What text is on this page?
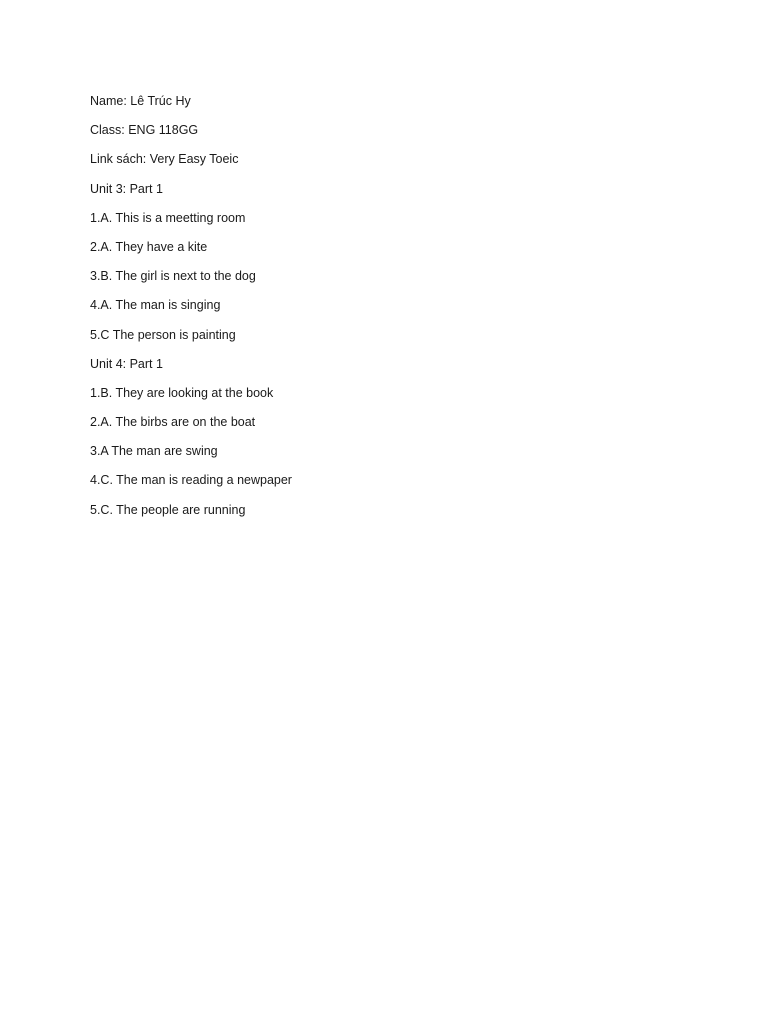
Name: Lê Trúc Hy
Class: ENG 118GG
Link sách: Very Easy Toeic
Unit 3: Part 1
1.A. This is a meetting room
2.A. They have a kite
3.B. The girl is next to the dog
4.A. The man is singing
5.C The person is painting
Unit 4: Part 1
1.B. They are looking at the book
2.A. The birbs are on the boat
3.A The man are swing
4.C. The man is reading a newpaper
5.C. The people are running
